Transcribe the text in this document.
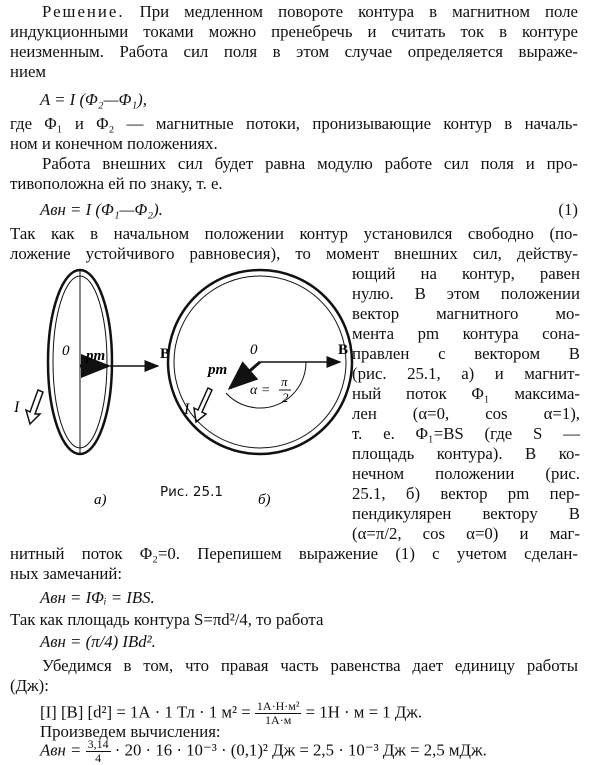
Решение. При медленном повороте контура в магнитном поле
индукционными токами можно пренебречь и считать ток в контуре
неизменным. Работа сил поля в этом случае определяется выраже-
нием
A = I (Φ₂—Φ₁),
где Φ₁ и Φ₂ — магнитные потоки, пронизывающие контур в началь-
ном и конечном положениях.
Работа внешних сил будет равна модулю работе сил поля и про-
тивоположна ей по знаку, т. е.
Aвн = I (Φ₁—Φ₂).	(1)
Так как в начальном положении контур установился свободно (по-
ложение устойчивого равновесия), то момент внешних сил, действу-
ющий на контур, равен
нулю. В этом положении
вектор магнитного мо-
мента pm контура сона-
правлен с вектором B
(рис. 25.1, а) и магнит-
ный поток Φ₁ максима-
лен (α=0, cos α=1),
т. е. Φ₁=BS (где S —
площадь контура). В ко-
нечном положении (рис.
25.1, б) вектор pm пер-
пендикулярен вектору B
(α=π/2, cos α=0) и маг-
0 pm	B
I
а)
0
pm
B
α =
π
2
I
б)
Рис. 25.1
нитный поток Φ₂=0. Перепишем выражение (1) с учетом сделан-
ных замечаний:
Aвн = IΦᵢ = IBS.
Так как площадь контура S=πd²/4, то работа
Aвн = (π/4) IBd².
Убедимся в том, что правая часть равенства дает единицу работы
(Дж):
[I] [B] [d²] = 1А · 1 Тл · 1 $м^2 = \frac{\text{1А·Н·м²}}{1А\cdot м} = 1Н \cdot м = 1$ Дж.
Произведем вычисления:
Aвн = $\frac{3,14}{4} \cdot 20 \cdot 16 \cdot 10^{-3} \cdot (0,1)^2$ Дж = 2,5 · 10⁻³ Дж = 2,5 мДж.
